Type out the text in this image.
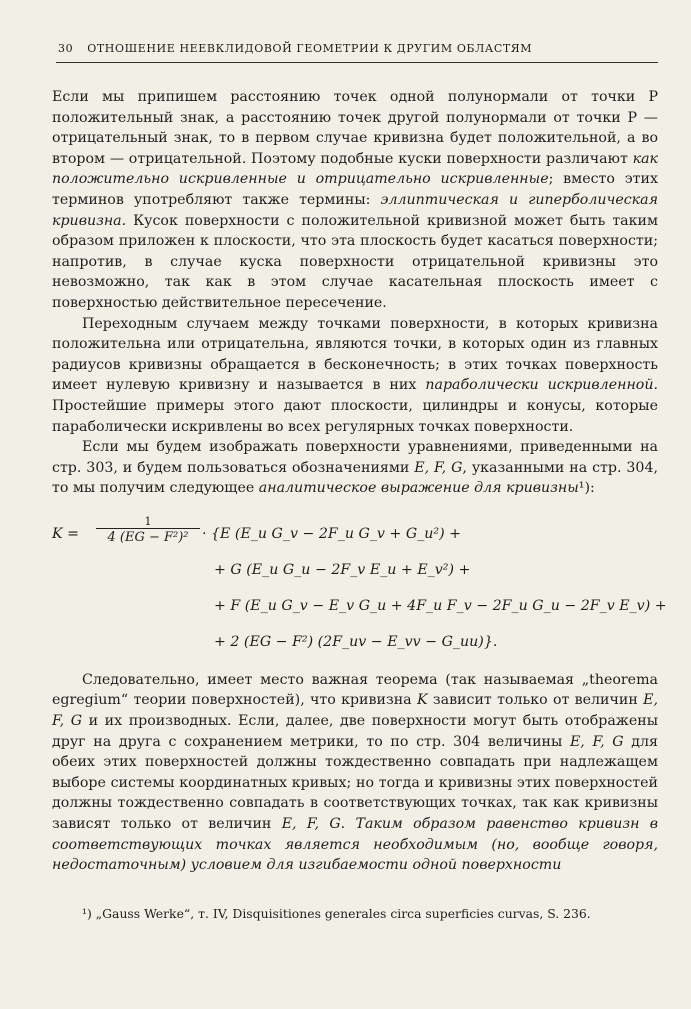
30 ОТНОШЕНИЕ НЕЕВКЛИДОВОЙ ГЕОМЕТРИИ К ДРУГИМ ОБЛАСТЯМ

Если мы припишем расстоянию точек одной полунормали от точки P положительный знак, а расстоянию точек другой полунормали от точки P — отрицательный знак, то в первом случае кривизна будет положительной, а во втором — отрицательной. Поэтому подобные куски поверхности различают как положительно искривленные и отрицательно искривленные; вместо этих терминов употребляют также термины: эллиптическая и гиперболическая кривизна. Кусок поверхности с положительной кривизной может быть таким образом приложен к плоскости, что эта плоскость будет касаться поверхности; напротив, в случае куска поверхности отрицательной кривизны это невозможно, так как в этом случае касательная плоскость имеет с поверхностью действительное пересечение.

Переходным случаем между точками поверхности, в которых кривизна положительна или отрицательна, являются точки, в которых один из главных радиусов кривизны обращается в бесконечность; в этих точках поверхность имеет нулевую кривизну и называется в них параболически искривленной. Простейшие примеры этого дают плоскости, цилиндры и конусы, которые параболически искривлены во всех регулярных точках поверхности.

Если мы будем изображать поверхности уравнениями, приведенными на стр. 303, и будем пользоваться обозначениями E, F, G, указанными на стр. 304, то мы получим следующее аналитическое выражение для кривизны¹):

K =
1
4 (EG − F²)² · {E (E_u G_v − 2F_u G_v + G_u²) +
+ G (E_u G_u − 2F_v E_u + E_v²) +
+ F (E_u G_v − E_v G_u + 4F_u F_v − 2F_u G_u − 2F_v E_v) +
+ 2 (EG − F²) (2F_uv − E_vv − G_uu)}.

Следовательно, имеет место важная теорема (так называемая „theorema egregium“ теории поверхностей), что кривизна K зависит только от величин E, F, G и их производных. Если, далее, две поверхности могут быть отображены друг на друга с сохранением метрики, то по стр. 304 величины E, F, G для обеих этих поверхностей должны тождественно совпадать при надлежащем выборе системы координатных кривых; но тогда и кривизны этих поверхностей должны тождественно совпадать в соответствующих точках, так как кривизны зависят только от величин E, F, G. Таким образом равенство кривизн в соответствующих точках является необходимым (но, вообще говоря, недостаточным) условием для изгибаемости одной поверхности

¹) „Gauss Werke“, т. IV, Disquisitiones generales circa superficies curvas, S. 236.
